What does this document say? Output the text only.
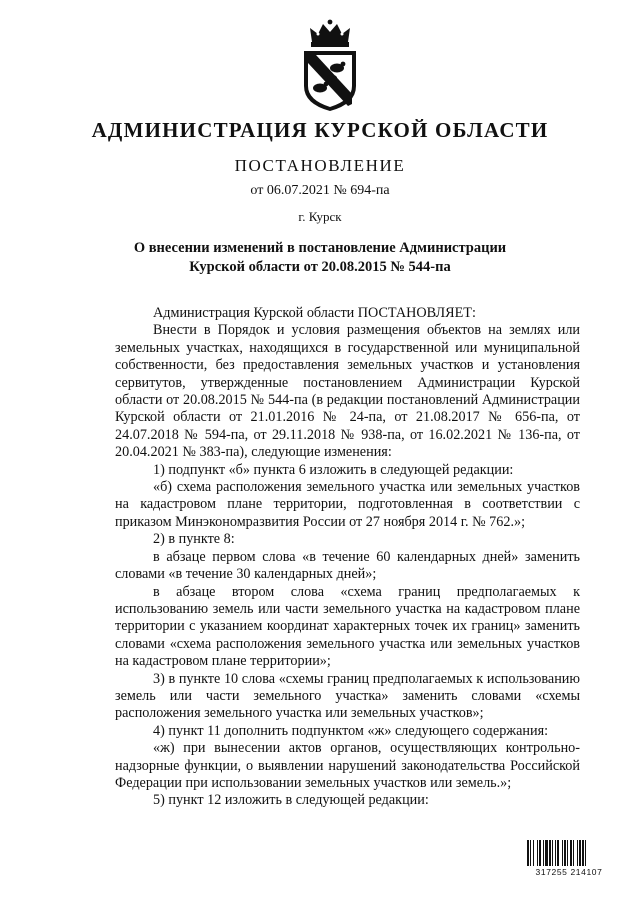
АДМИНИСТРАЦИЯ КУРСКОЙ ОБЛАСТИ
ПОСТАНОВЛЕНИЕ
от 06.07.2021 № 694-па
г. Курск
О внесении изменений в постановление Администрации
Курской области от 20.08.2015 № 544-па

Администрация Курской области ПОСТАНОВЛЯЕТ:

Внести в Порядок и условия размещения объектов на землях или земельных участках, находящихся в государственной или муниципальной собственности, без предоставления земельных участков и установления сервитутов, утвержденные постановлением Администрации Курской области от 20.08.2015 № 544-па (в редакции постановлений Администрации Курской области от 21.01.2016 № 24-па, от 21.08.2017 № 656-па, от 24.07.2018 № 594-па, от 29.11.2018 № 938-па, от 16.02.2021 № 136-па, от 20.04.2021 № 383-па), следующие изменения:

1) подпункт «б» пункта 6 изложить в следующей редакции:

«б) схема расположения земельного участка или земельных участков на кадастровом плане территории, подготовленная в соответствии с приказом Минэкономразвития России от 27 ноября 2014 г. № 762.»;

2) в пункте 8:

в абзаце первом слова «в течение 60 календарных дней» заменить словами «в течение 30 календарных дней»;

в абзаце втором слова «схема границ предполагаемых к использованию земель или части земельного участка на кадастровом плане территории с указанием координат характерных точек их границ» заменить словами «схема расположения земельного участка или земельных участков на кадастровом плане территории»;

3) в пункте 10 слова «схемы границ предполагаемых к использованию земель или части земельного участка» заменить словами «схемы расположения земельного участка или земельных участков»;

4) пункт 11 дополнить подпунктом «ж» следующего содержания:

«ж) при вынесении актов органов, осуществляющих контрольно-надзорные функции, о выявлении нарушений законодательства Российской Федерации при использовании земельных участков или земель.»;

5) пункт 12 изложить в следующей редакции:

317255 214107
